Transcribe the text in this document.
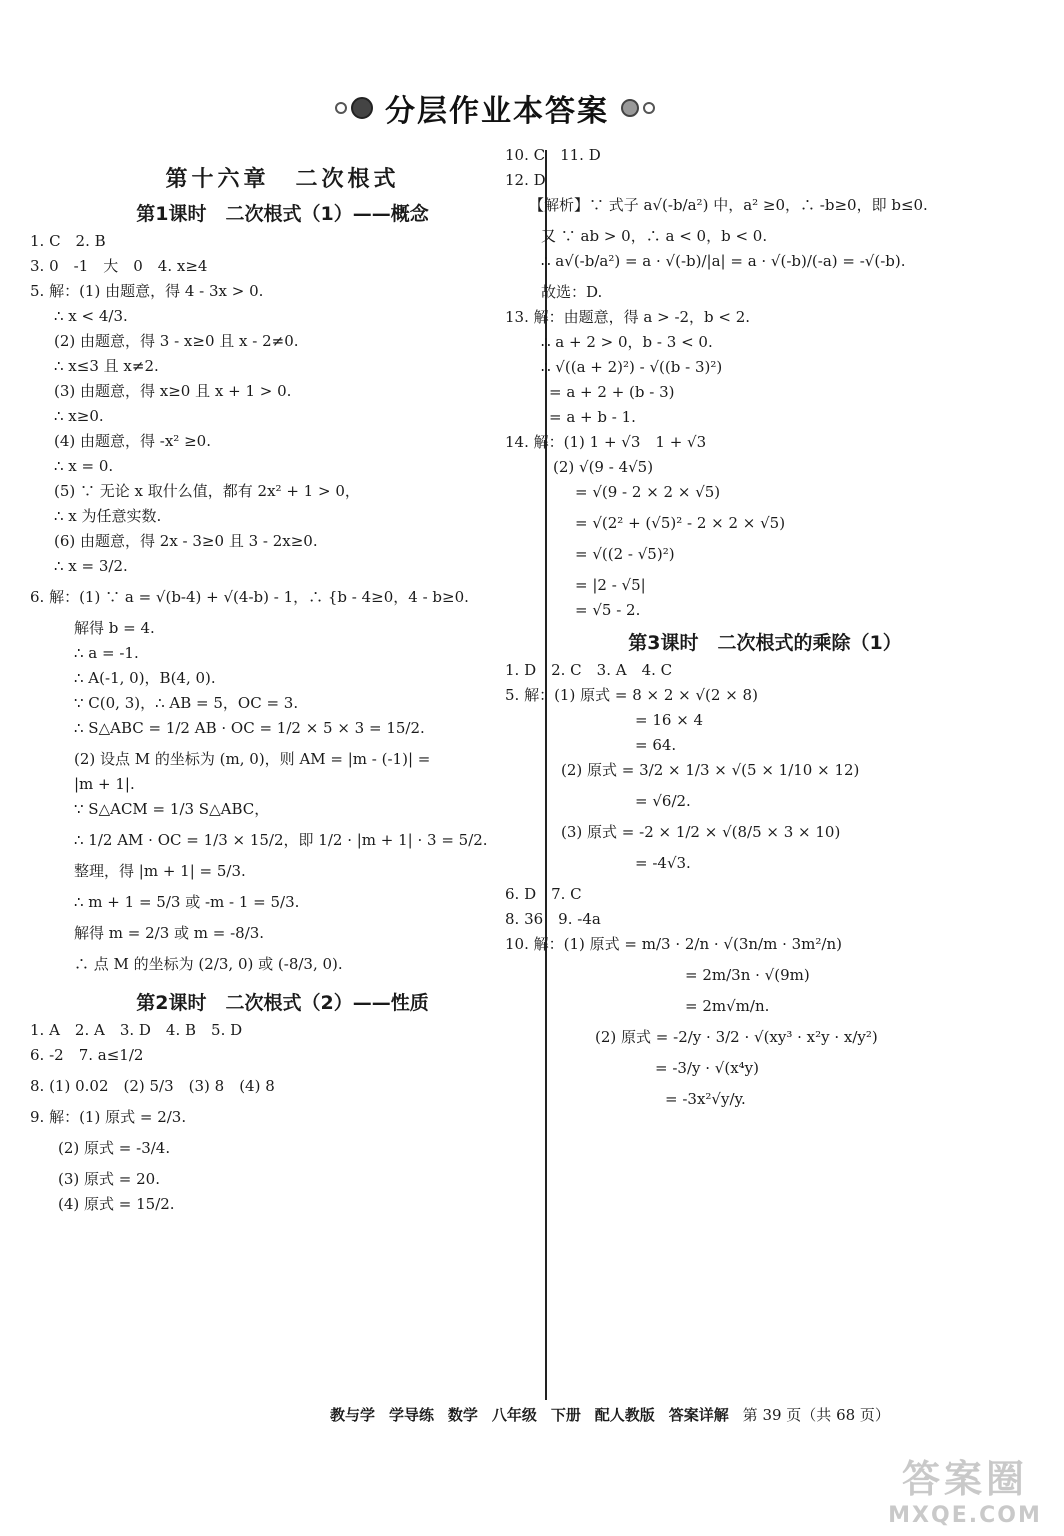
分层作业本答案
第十六章　二次根式
第1课时　二次根式（1）——概念
1. C　2. B
3. 0　-1　大　0　4. x≥4
5. 解：(1) 由题意，得 4 - 3x > 0.
∴ x < 4/3.
(2) 由题意，得 3 - x≥0 且 x - 2≠0.
∴ x≤3 且 x≠2.
(3) 由题意，得 x≥0 且 x + 1 > 0.
∴ x≥0.
(4) 由题意，得 -x² ≥0.
∴ x = 0.
(5) ∵ 无论 x 取什么值，都有 2x² + 1 > 0，
∴ x 为任意实数.
(6) 由题意，得 2x - 3≥0 且 3 - 2x≥0.
∴ x = 3/2.
6. 解：(1) ∵ a = √(b-4) + √(4-b) - 1，∴ {b - 4≥0，4 - b≥0.
解得 b = 4.
∴ a = -1.
∴ A(-1, 0)，B(4, 0).
∵ C(0, 3)，∴ AB = 5，OC = 3.
∴ S△ABC = 1/2 AB · OC = 1/2 × 5 × 3 = 15/2.
(2) 设点 M 的坐标为 (m, 0)，则 AM = |m - (-1)| =
|m + 1|.
∵ S△ACM = 1/3 S△ABC，
∴ 1/2 AM · OC = 1/3 × 15/2，即 1/2 · |m + 1| · 3 = 5/2.
整理，得 |m + 1| = 5/3.
∴ m + 1 = 5/3 或 -m - 1 = 5/3.
解得 m = 2/3 或 m = -8/3.
∴ 点 M 的坐标为 (2/3, 0) 或 (-8/3, 0).
第2课时　二次根式（2）——性质
1. A　2. A　3. D　4. B　5. D
6. -2　7. a≤1/2
8. (1) 0.02　(2) 5/3　(3) 8　(4) 8
9. 解：(1) 原式 = 2/3.
(2) 原式 = -3/4.
(3) 原式 = 20.
(4) 原式 = 15/2.
10. C　11. D
12. D
【解析】∵ 式子 a√(-b/a²) 中，a² ≥0，∴ -b≥0，即 b≤0.
又 ∵ ab > 0，∴ a < 0，b < 0.
∴ a√(-b/a²) = a · √(-b)/|a| = a · √(-b)/(-a) = -√(-b).
故选：D.
13. 解：由题意，得 a > -2，b < 2.
∴ a + 2 > 0，b - 3 < 0.
∴ √((a + 2)²) - √((b - 3)²)
= a + 2 + (b - 3)
= a + b - 1.
14. 解：(1) 1 + √3　1 + √3
(2) √(9 - 4√5)
= √(9 - 2 × 2 × √5)
= √(2² + (√5)² - 2 × 2 × √5)
= √((2 - √5)²)
= |2 - √5|
= √5 - 2.
第3课时　二次根式的乘除（1）
1. D　2. C　3. A　4. C
5. 解：(1) 原式 = 8 × 2 × √(2 × 8)
= 16 × 4
= 64.
(2) 原式 = 3/2 × 1/3 × √(5 × 1/10 × 12)
= √6/2.
(3) 原式 = -2 × 1/2 × √(8/5 × 3 × 10)
= -4√3.
6. D　7. C
8. 36　9. -4a
10. 解：(1) 原式 = m/3 · 2/n · √(3n/m · 3m²/n)
= 2m/3n · √(9m)
= 2m√m/n.
(2) 原式 = -2/y · 3/2 · √(xy³ · x²y · x/y²)
= -3/y · √(x⁴y)
= -3x²√y/y.
教与学 学导练 数学 八年级 下册 配人教版 答案详解 第 39 页（共 68 页）
答案圈
MXQE.COM
